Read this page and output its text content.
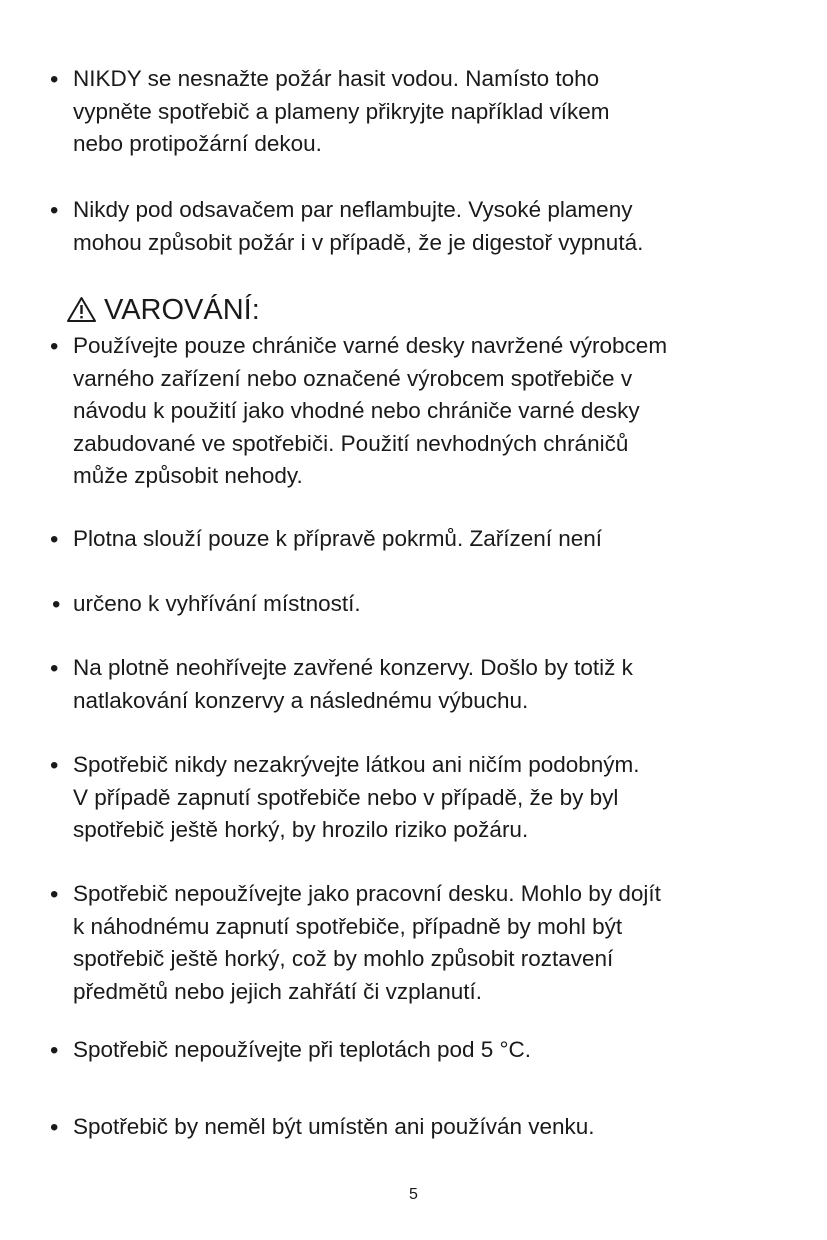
• NIKDY se nesnažte požár hasit vodou. Namísto toho
vypněte spotřebič a plameny přikryjte například víkem
nebo protipožární dekou.

• Nikdy pod odsavačem par neflambujte. Vysoké plameny
mohou způsobit požár i v případě, že je digestoř vypnutá.

VAROVÁNÍ:
• Používejte pouze chrániče varné desky navržené výrobcem
varného zařízení nebo označené výrobcem spotřebiče v
návodu k použití jako vhodné nebo chrániče varné desky
zabudované ve spotřebiči. Použití nevhodných chráničů
může způsobit nehody.

• Plotna slouží pouze k přípravě pokrmů. Zařízení není

• určeno k vyhřívání místností.

• Na plotně neohřívejte zavřené konzervy. Došlo by totiž k
natlakování konzervy a následnému výbuchu.

• Spotřebič nikdy nezakrývejte látkou ani ničím podobným.
V případě zapnutí spotřebiče nebo v případě, že by byl
spotřebič ještě horký, by hrozilo riziko požáru.

• Spotřebič nepoužívejte jako pracovní desku. Mohlo by dojít
k náhodnému zapnutí spotřebiče, případně by mohl být
spotřebič ještě horký, což by mohlo způsobit roztavení
předmětů nebo jejich zahřátí či vzplanutí.

• Spotřebič nepoužívejte při teplotách pod 5 °C.

• Spotřebič by neměl být umístěn ani používán venku.

5
